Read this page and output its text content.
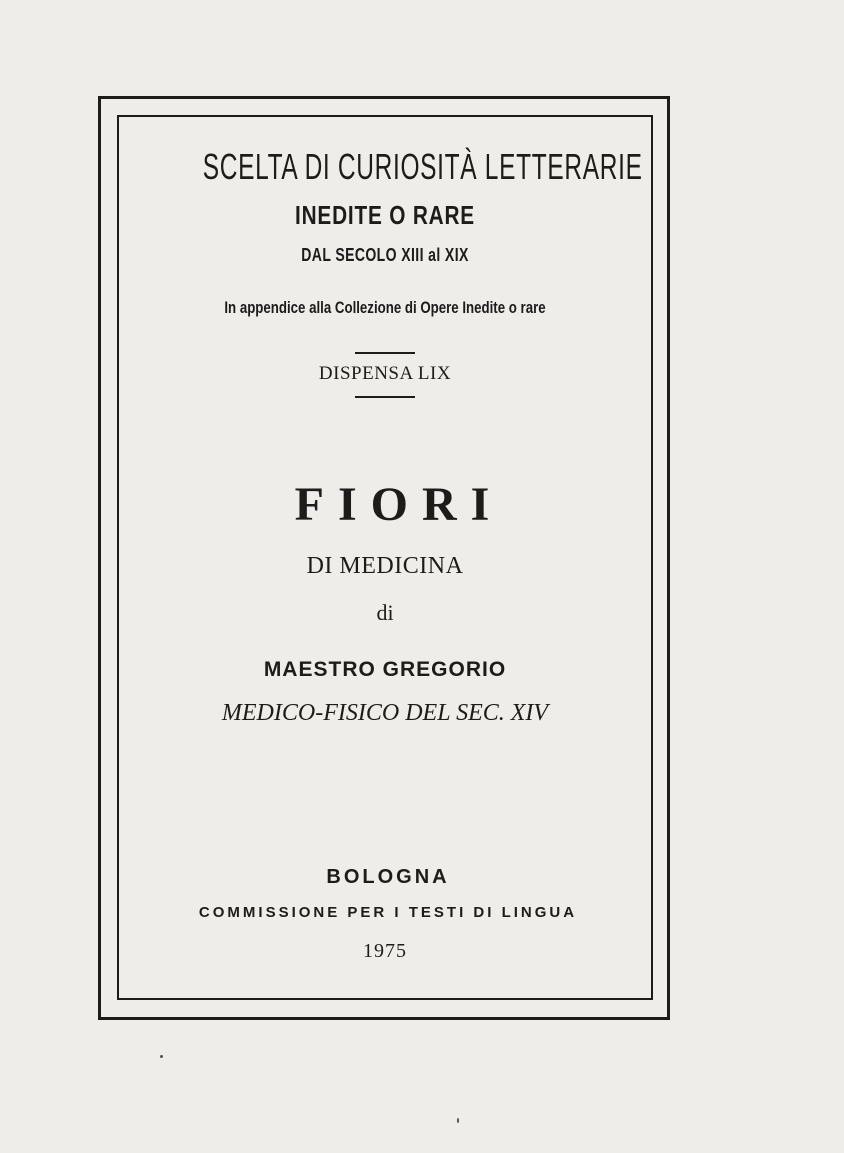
SCELTA DI CURIOSITÀ LETTERARIE

INEDITE O RARE

DAL SECOLO XIII al XIX

In appendice alla Collezione di Opere Inedite o rare

DISPENSA LIX

FIORI

DI MEDICINA

di

MAESTRO GREGORIO

MEDICO-FISICO DEL SEC. XIV

BOLOGNA

COMMISSIONE PER I TESTI DI LINGUA

1975
